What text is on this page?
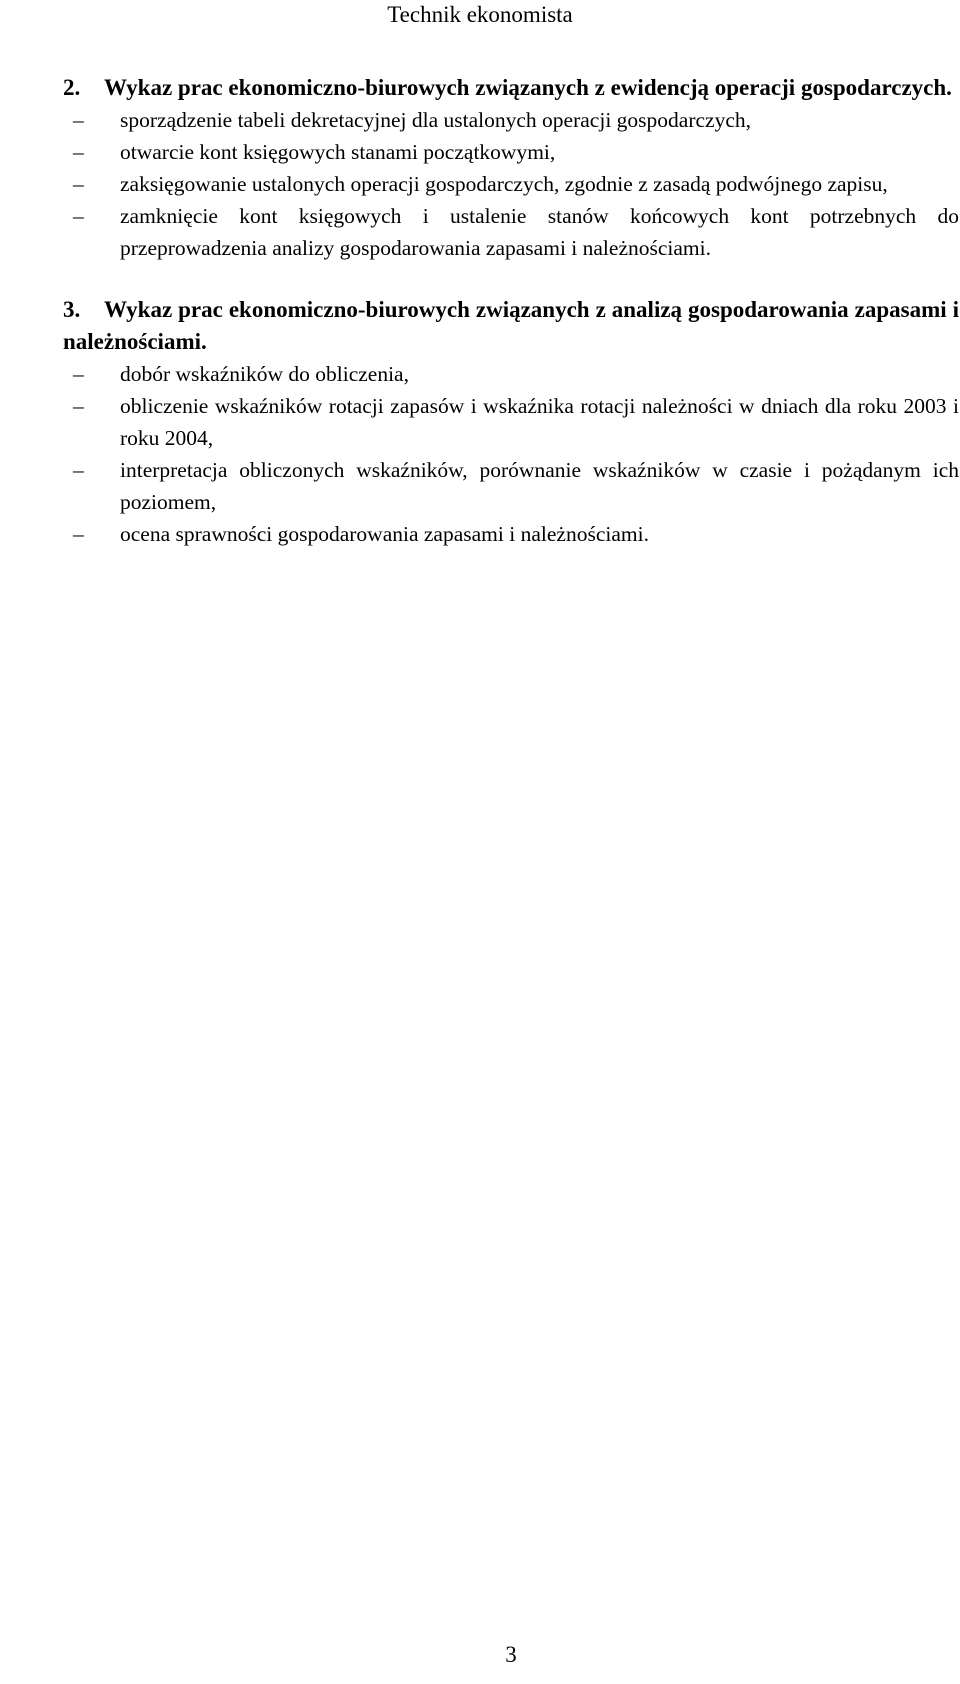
Technik ekonomista
2. Wykaz prac ekonomiczno-biurowych związanych z ewidencją operacji gospodarczych.
– sporządzenie tabeli dekretacyjnej dla ustalonych operacji gospodarczych,
– otwarcie kont księgowych stanami początkowymi,
– zaksięgowanie ustalonych operacji gospodarczych, zgodnie z zasadą podwójnego zapisu,
– zamknięcie kont księgowych i ustalenie stanów końcowych kont potrzebnych do przeprowadzenia analizy gospodarowania zapasami i należnościami.
3. Wykaz prac ekonomiczno-biurowych związanych z analizą gospodarowania zapasami i należnościami.
– dobór wskaźników do obliczenia,
– obliczenie wskaźników rotacji zapasów i wskaźnika rotacji należności w dniach dla roku 2003 i roku 2004,
– interpretacja obliczonych wskaźników, porównanie wskaźników w czasie i pożądanym ich poziomem,
– ocena sprawności gospodarowania zapasami i należnościami.
3
